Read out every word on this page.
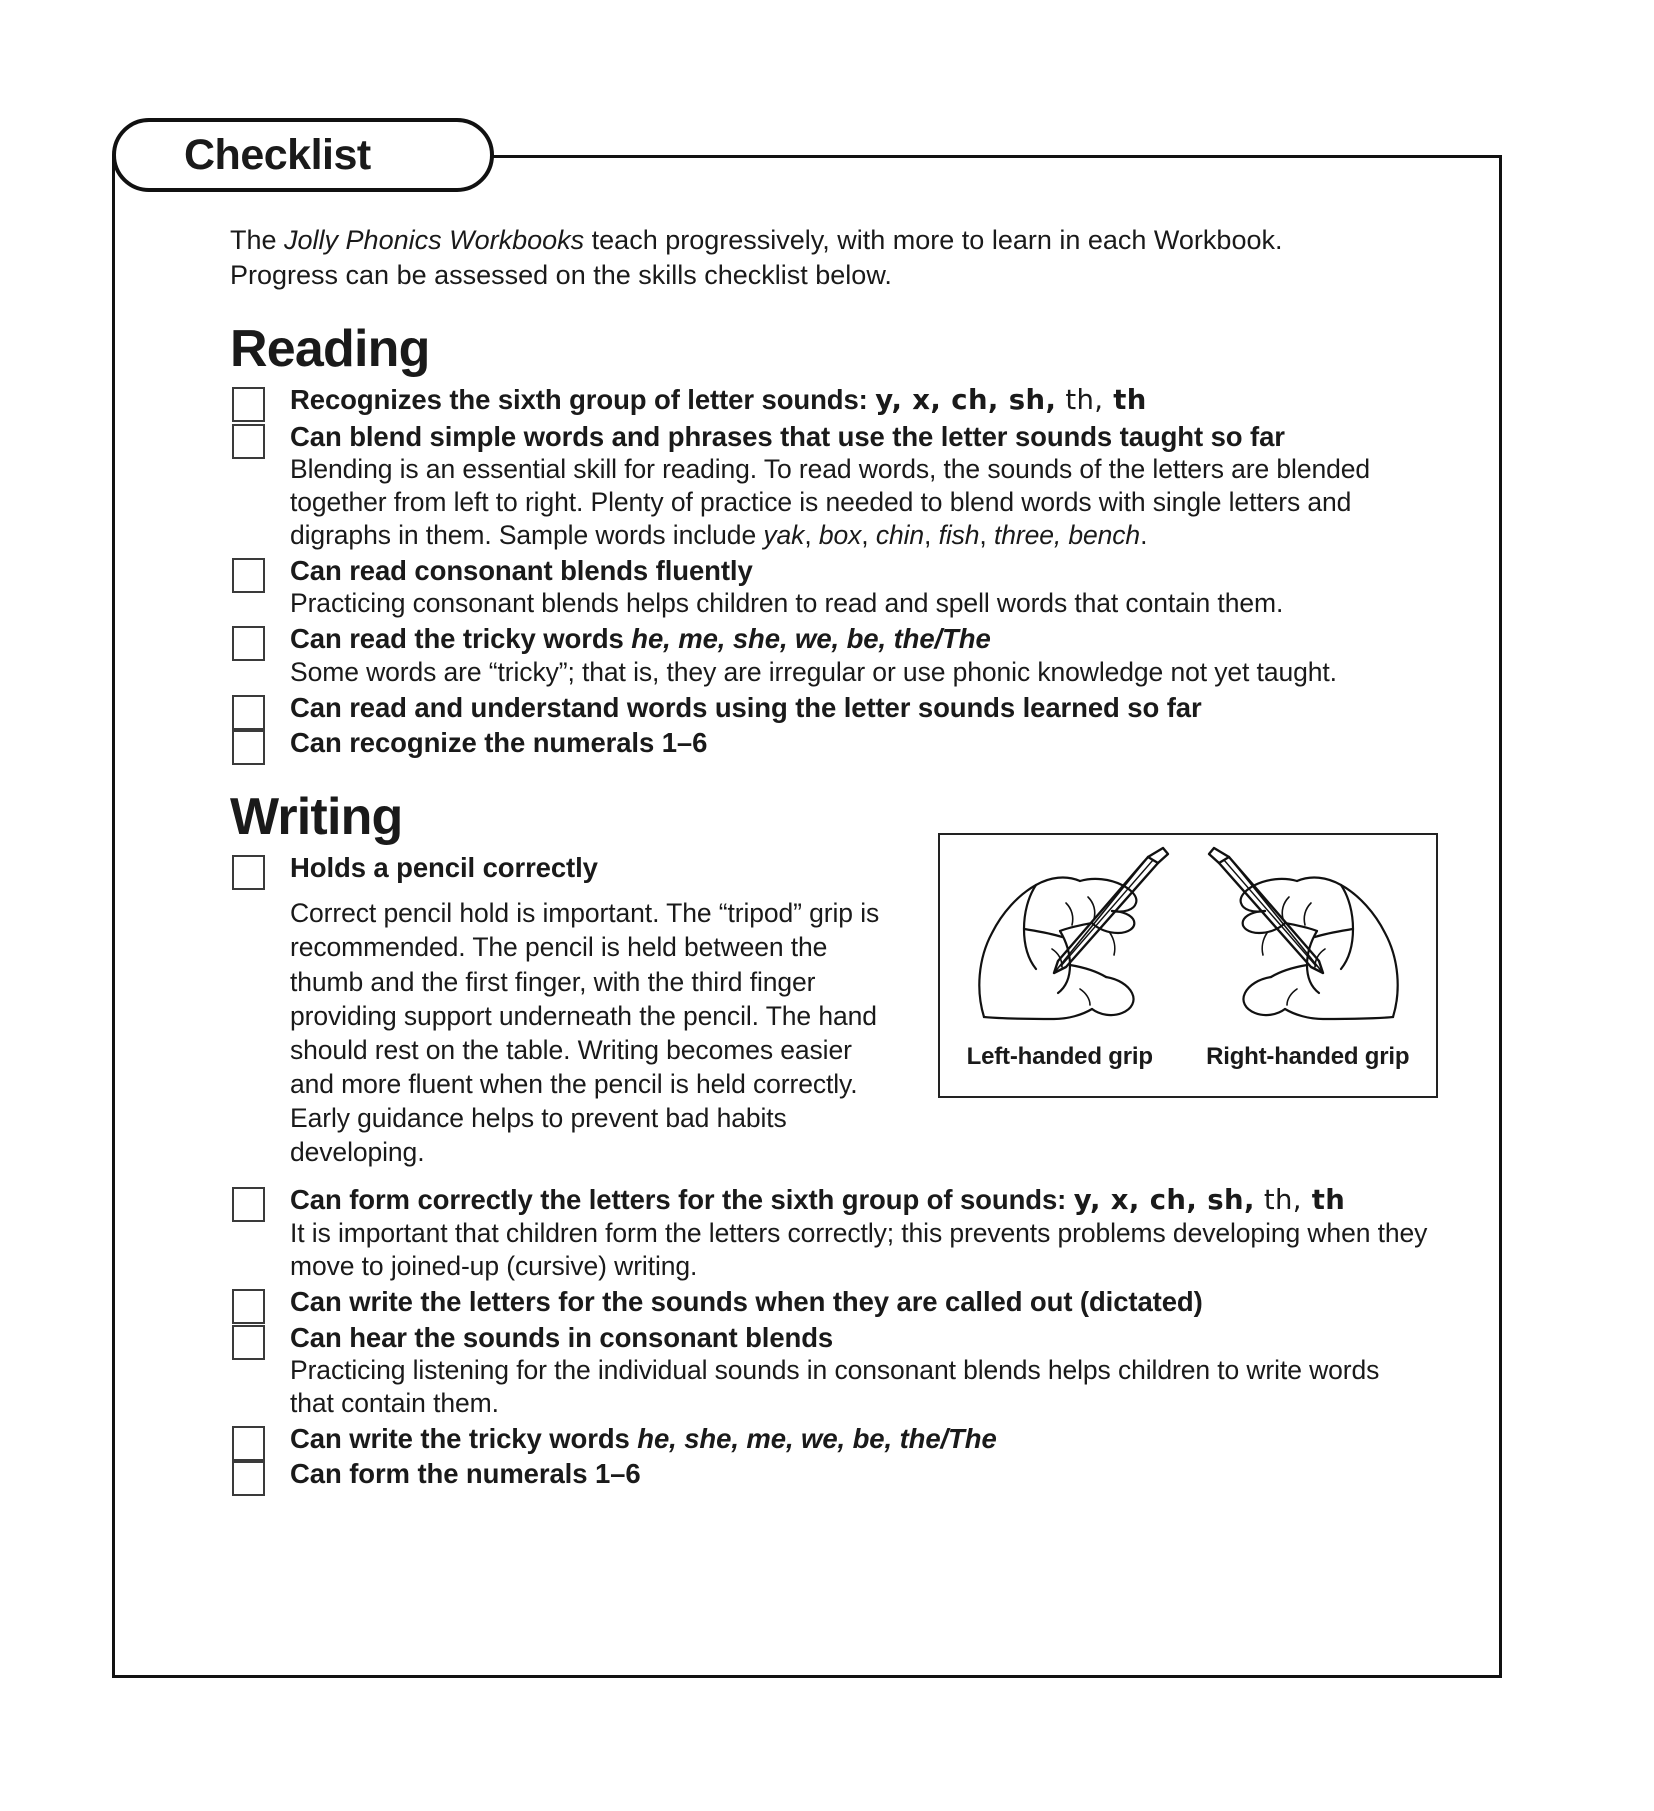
Checklist

The Jolly Phonics Workbooks teach progressively, with more to learn in each Workbook. Progress can be assessed on the skills checklist below.

Reading
Recognizes the sixth group of letter sounds: y, x, ch, sh, th, th
Can blend simple words and phrases that use the letter sounds taught so far
Blending is an essential skill for reading. To read words, the sounds of the letters are blended together from left to right. Plenty of practice is needed to blend words with single letters and digraphs in them. Sample words include yak, box, chin, fish, three, bench.
Can read consonant blends fluently
Practicing consonant blends helps children to read and spell words that contain them.
Can read the tricky words he, me, she, we, be, the/The
Some words are “tricky”; that is, they are irregular or use phonic knowledge not yet taught.
Can read and understand words using the letter sounds learned so far
Can recognize the numerals 1–6
Writing
Holds a pencil correctly
Correct pencil hold is important. The “tripod” grip is recommended. The pencil is held between the thumb and the first finger, with the third finger providing support underneath the pencil. The hand should rest on the table. Writing becomes easier and more fluent when the pencil is held correctly. Early guidance helps to prevent bad habits developing.
Left-handed grip Right-handed grip
Can form correctly the letters for the sixth group of sounds: y, x, ch, sh, th, th
It is important that children form the letters correctly; this prevents problems developing when they move to joined-up (cursive) writing.
Can write the letters for the sounds when they are called out (dictated)
Can hear the sounds in consonant blends
Practicing listening for the individual sounds in consonant blends helps children to write words that contain them.
Can write the tricky words he, she, me, we, be, the/The
Can form the numerals 1–6
